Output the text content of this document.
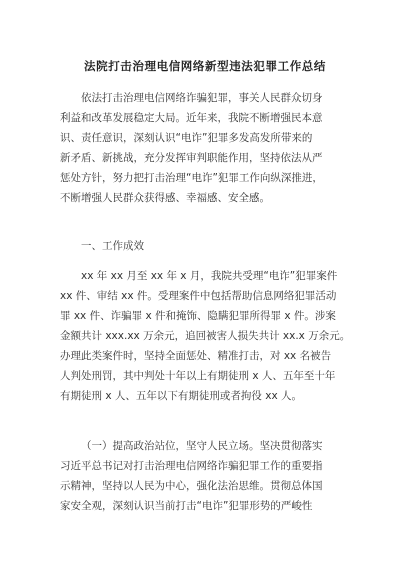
法院打击治理电信网络新型违法犯罪工作总结
依法打击治理电信网络诈骗犯罪，事关人民群众切身
利益和改革发展稳定大局。近年来，我院不断增强民本意
识、责任意识，深刻认识“电诈”犯罪多发高发所带来的
新矛盾、新挑战，充分发挥审判职能作用，坚持依法从严
惩处方针，努力把打击治理“电诈”犯罪工作向纵深推进，
不断增强人民群众获得感、幸福感、安全感。
一、工作成效
xx 年 xx 月至 xx 年 x 月，我院共受理“电诈”犯罪案件
xx 件、审结 xx 件。受理案件中包括帮助信息网络犯罪活动
罪 xx 件、诈骗罪 x 件和掩饰、隐瞒犯罪所得罪 x 件。涉案
金额共计 xxx.xx 万余元，追回被害人损失共计 xx.x 万余元。
办理此类案件时，坚持全面惩处、精准打击，对 xx 名被告
人判处刑罚，其中判处十年以上有期徒刑 x 人、五年至十年
有期徒刑 x 人、五年以下有期徒刑或者拘役 xx 人。
（一）提高政治站位，坚守人民立场。坚决贯彻落实
习近平总书记对打击治理电信网络诈骗犯罪工作的重要指
示精神，坚持以人民为中心，强化法治思维。贯彻总体国
家安全观，深刻认识当前打击“电诈”犯罪形势的严峻性
